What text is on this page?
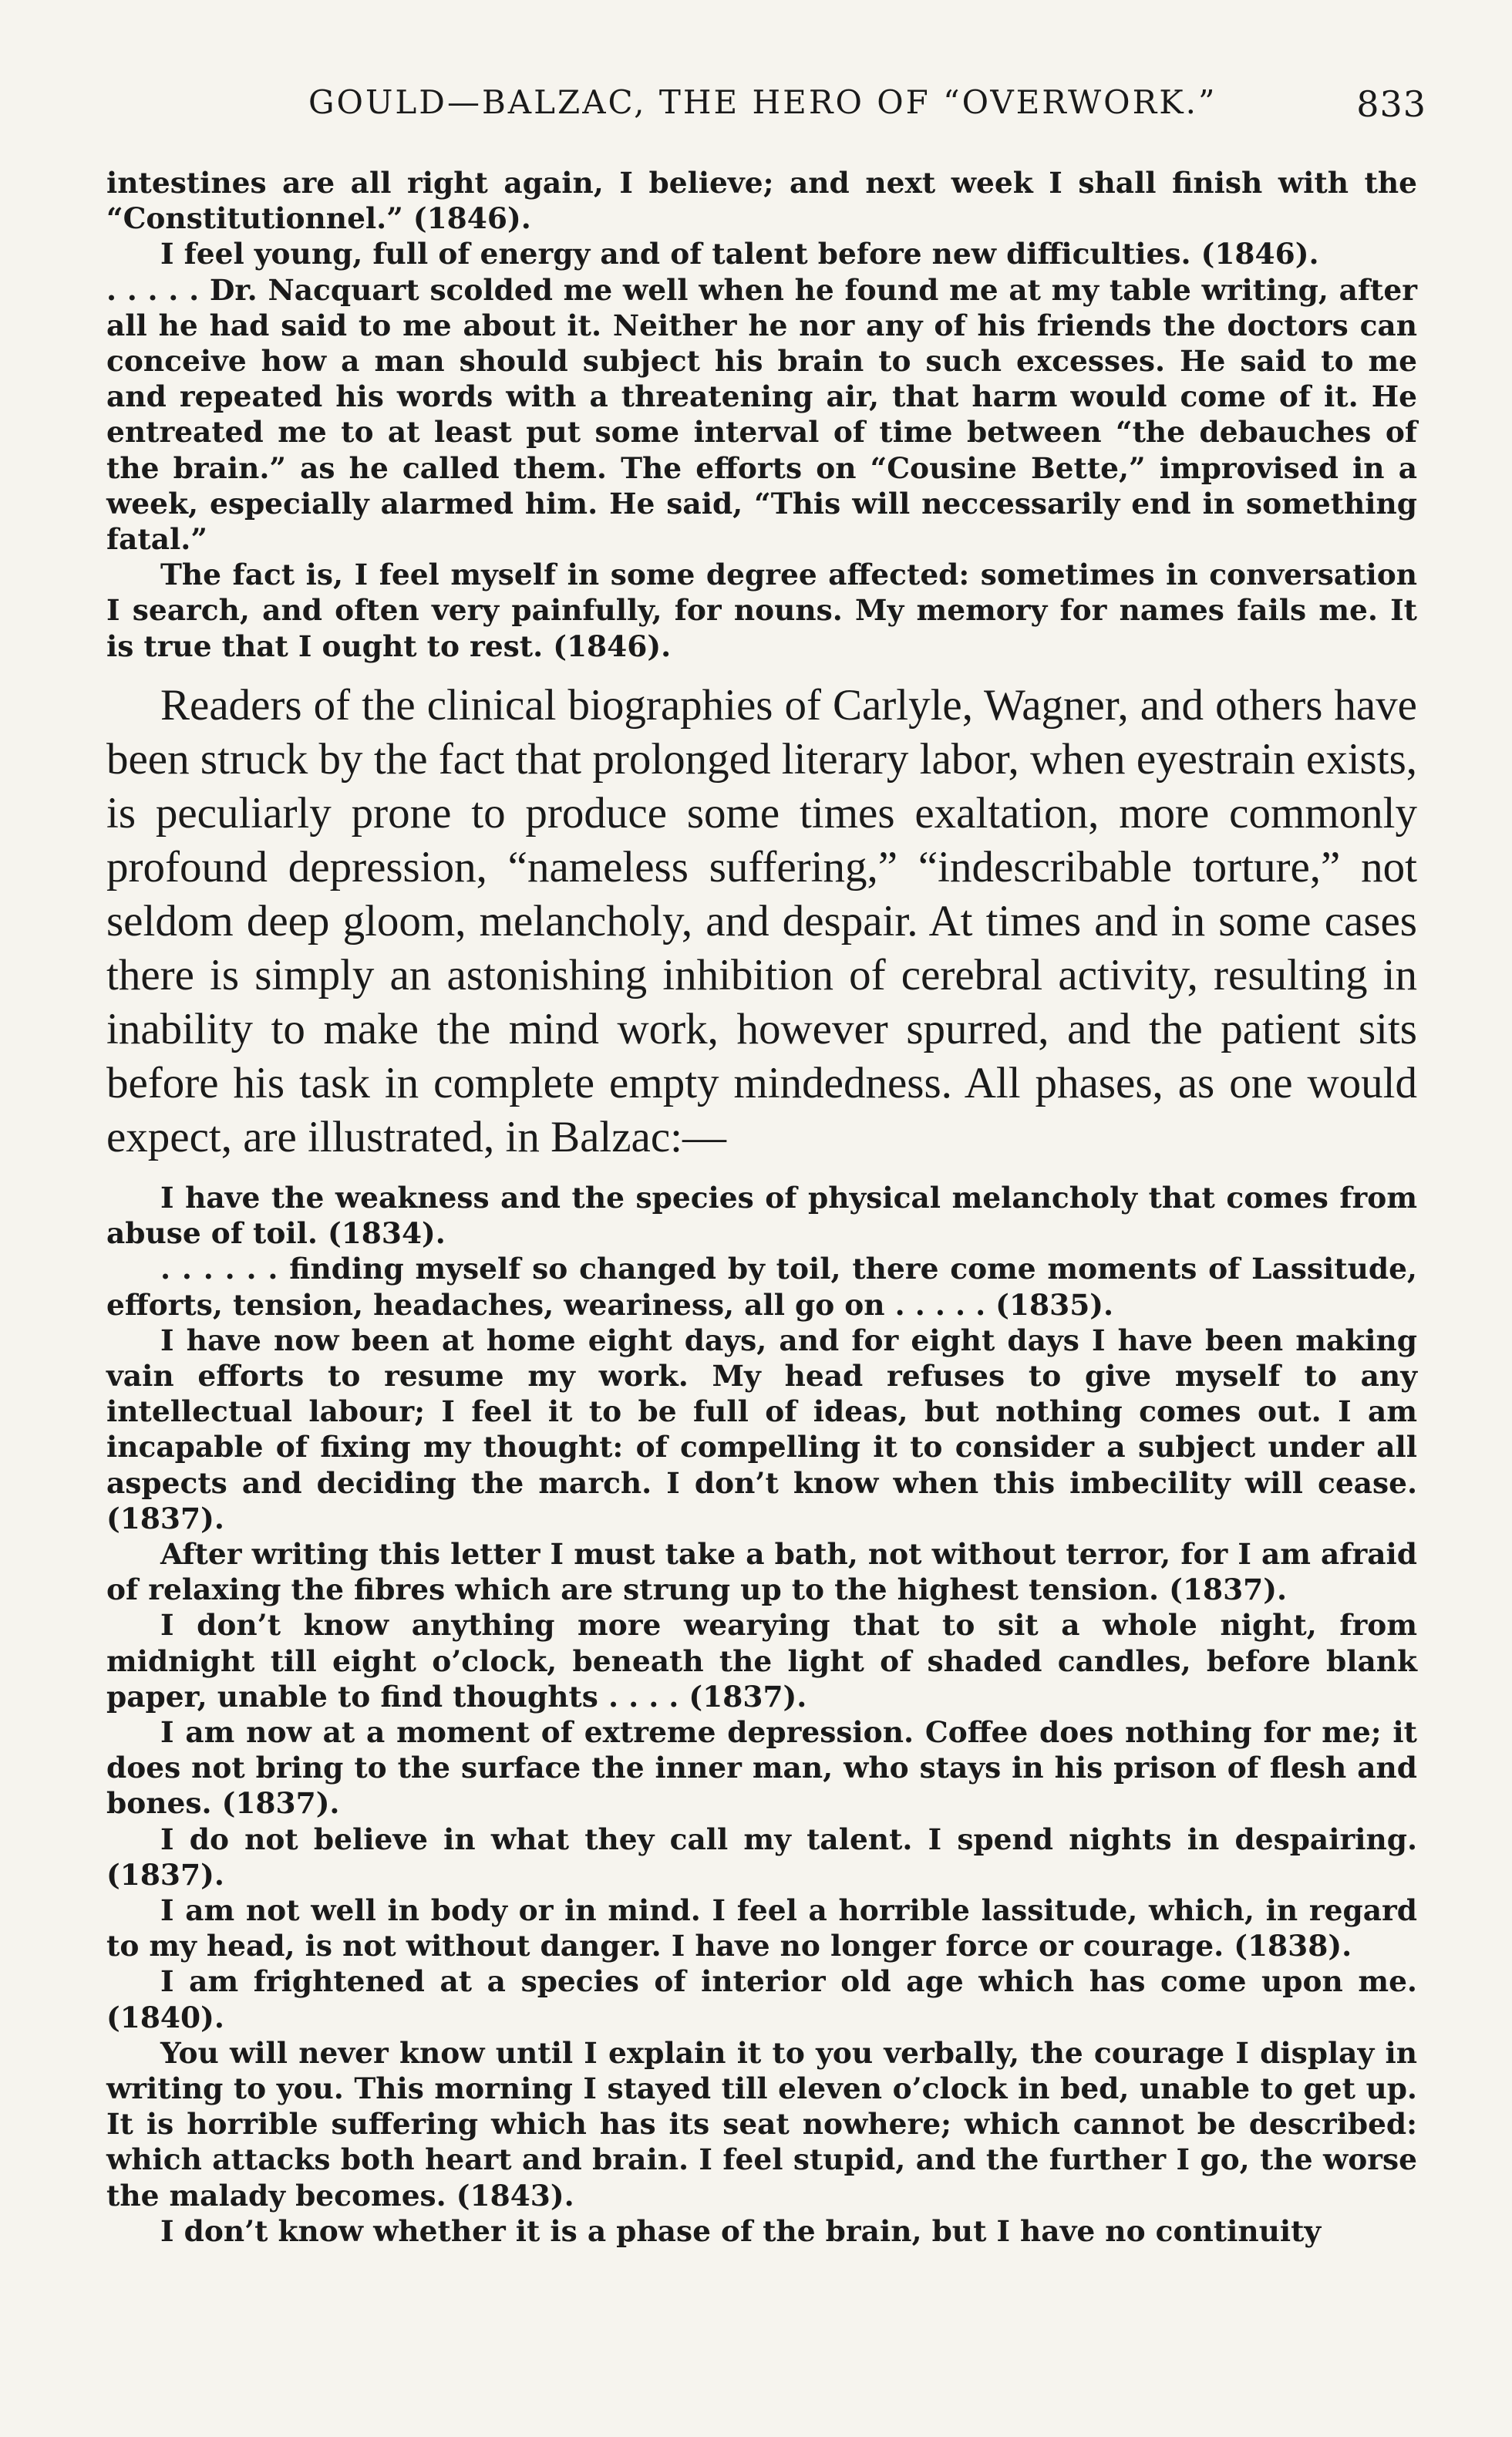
GOULD—BALZAC, THE HERO OF “OVERWORK.”	833

intestines are all right again, I believe; and next week I shall finish with the “Constitutionnel.” (1846).

I feel young, full of energy and of talent before new difficulties. (1846).

. . . . . Dr. Nacquart scolded me well when he found me at my table writing, after all he had said to me about it. Neither he nor any of his friends the doctors can conceive how a man should subject his brain to such excesses. He said to me and repeated his words with a threatening air, that harm would come of it. He entreated me to at least put some interval of time between “the debauches of the brain.” as he called them. The efforts on “Cousine Bette,” improvised in a week, especially alarmed him. He said, “This will neccessarily end in something fatal.”

The fact is, I feel myself in some degree affected: sometimes in conversation I search, and often very painfully, for nouns. My memory for names fails me. It is true that I ought to rest. (1846).

Readers of the clinical biographies of Carlyle, Wagner, and others have been struck by the fact that prolonged literary labor, when eyestrain exists, is peculiarly prone to produce some times exaltation, more commonly profound depression, “nameless suffering,” “indescribable torture,” not seldom deep gloom, melancholy, and despair. At times and in some cases there is simply an astonishing inhibition of cerebral activity, resulting in inability to make the mind work, however spurred, and the patient sits before his task in complete empty mindedness. All phases, as one would expect, are illustrated, in Balzac:—

I have the weakness and the species of physical melancholy that comes from abuse of toil. (1834).

. . . . . . finding myself so changed by toil, there come moments of Lassitude, efforts, tension, headaches, weariness, all go on . . . . . (1835).

I have now been at home eight days, and for eight days I have been making vain efforts to resume my work. My head refuses to give myself to any intellectual labour; I feel it to be full of ideas, but nothing comes out. I am incapable of fixing my thought: of compelling it to consider a subject under all aspects and deciding the march. I don’t know when this imbecility will cease. (1837).

After writing this letter I must take a bath, not without terror, for I am afraid of relaxing the fibres which are strung up to the highest tension. (1837).

I don’t know anything more wearying that to sit a whole night, from midnight till eight o’clock, beneath the light of shaded candles, before blank paper, unable to find thoughts . . . . (1837).

I am now at a moment of extreme depression. Coffee does nothing for me; it does not bring to the surface the inner man, who stays in his prison of flesh and bones. (1837).

I do not believe in what they call my talent. I spend nights in despairing. (1837).

I am not well in body or in mind. I feel a horrible lassitude, which, in regard to my head, is not without danger. I have no longer force or courage. (1838).

I am frightened at a species of interior old age which has come upon me. (1840).

You will never know until I explain it to you verbally, the courage I display in writing to you. This morning I stayed till eleven o’clock in bed, unable to get up. It is horrible suffering which has its seat nowhere; which cannot be described: which attacks both heart and brain. I feel stupid, and the further I go, the worse the malady becomes. (1843).

I don’t know whether it is a phase of the brain, but I have no continuity
